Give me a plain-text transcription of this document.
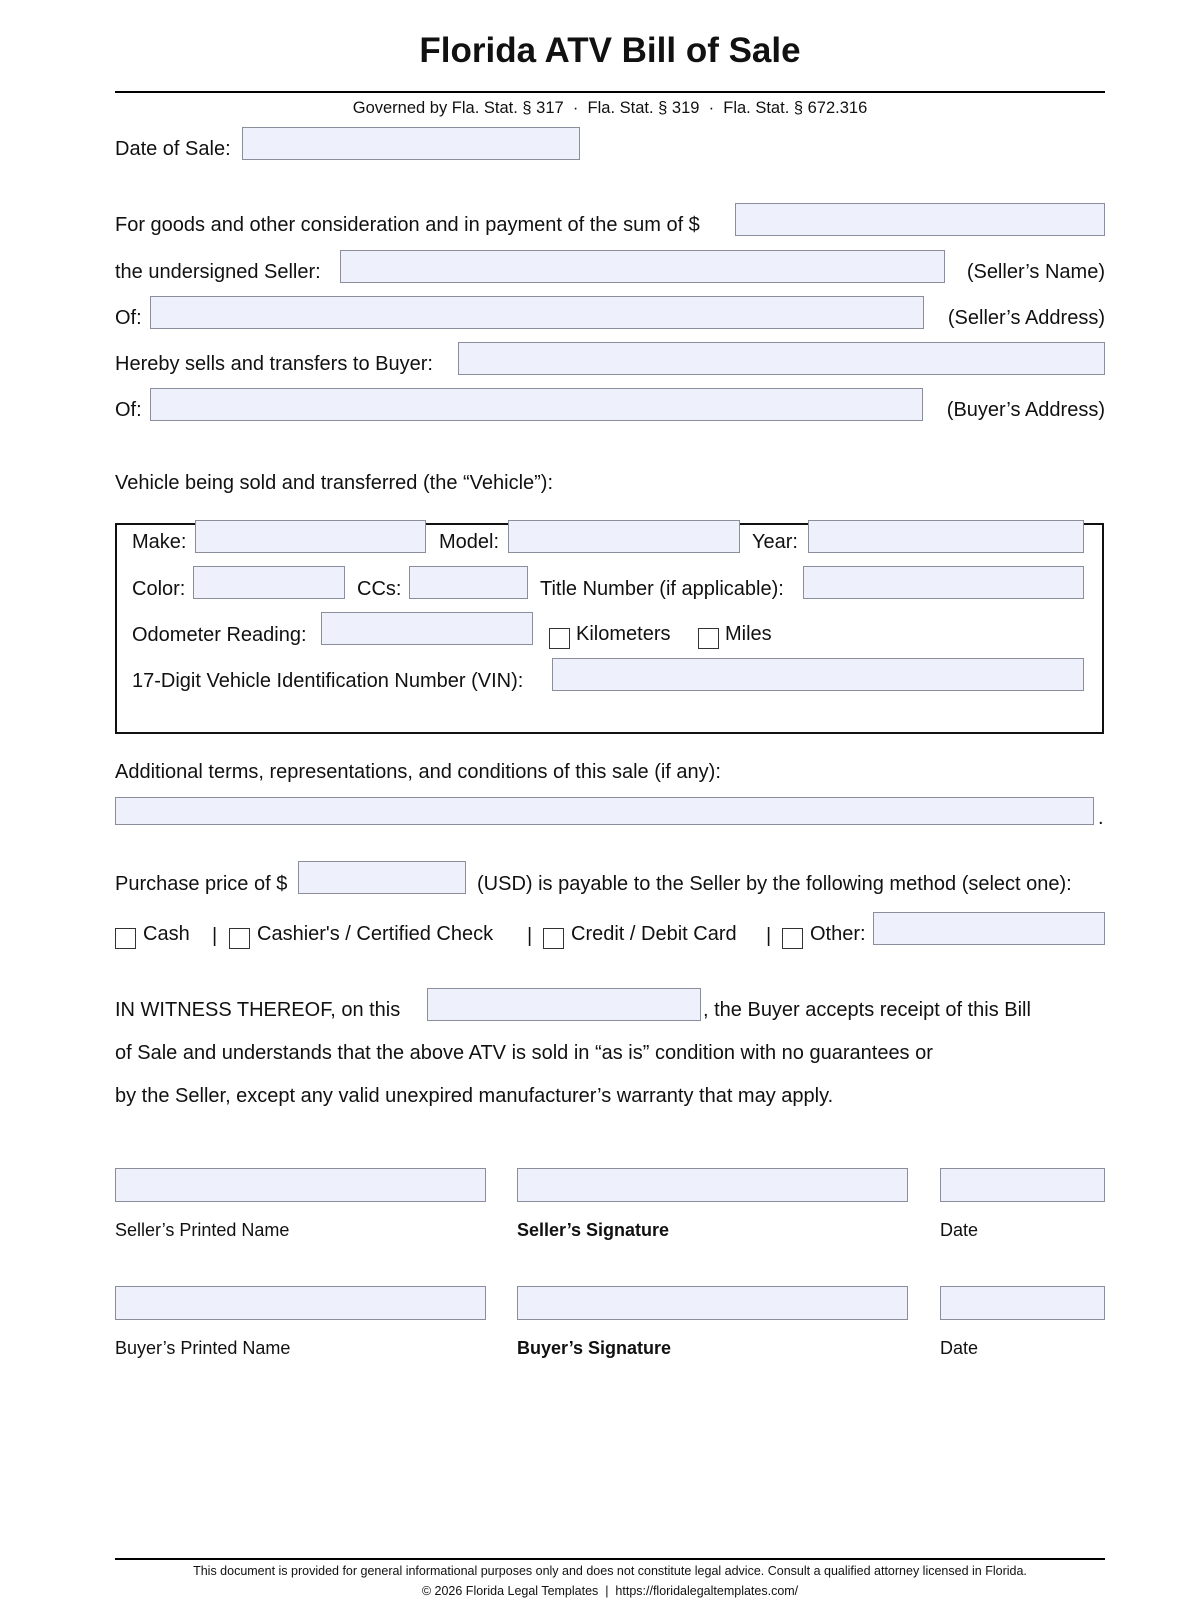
Florida ATV Bill of Sale
Governed by Fla. Stat. § 317  ·  Fla. Stat. § 319  ·  Fla. Stat. § 672.316
Date of Sale:
For goods and other consideration and in payment of the sum of $
the undersigned Seller:	(Seller’s Name)
Of:	(Seller’s Address)
Hereby sells and transfers to Buyer:
Of:	(Buyer’s Address)
Vehicle being sold and transferred (the “Vehicle”):
Make:	Model:	Year:
Color:	CCs:	Title Number (if applicable):
Odometer Reading:	Kilometers	Miles
17-Digit Vehicle Identification Number (VIN):
Additional terms, representations, and conditions of this sale (if any):
.
Purchase price of $	(USD) is payable to the Seller by the following method (select one):
Cash | Cashier's / Certified Check | Credit / Debit Card | Other:
IN WITNESS THEREOF, on this	, the Buyer accepts receipt of this Bill
of Sale and understands that the above ATV is sold in “as is” condition with no guarantees or
by the Seller, except any valid unexpired manufacturer’s warranty that may apply.
Seller’s Printed Name	Seller’s Signature	Date
Buyer’s Printed Name	Buyer’s Signature	Date
This document is provided for general informational purposes only and does not constitute legal advice. Consult a qualified attorney licensed in Florida.
© 2026 Florida Legal Templates  |  https://floridalegaltemplates.com/
